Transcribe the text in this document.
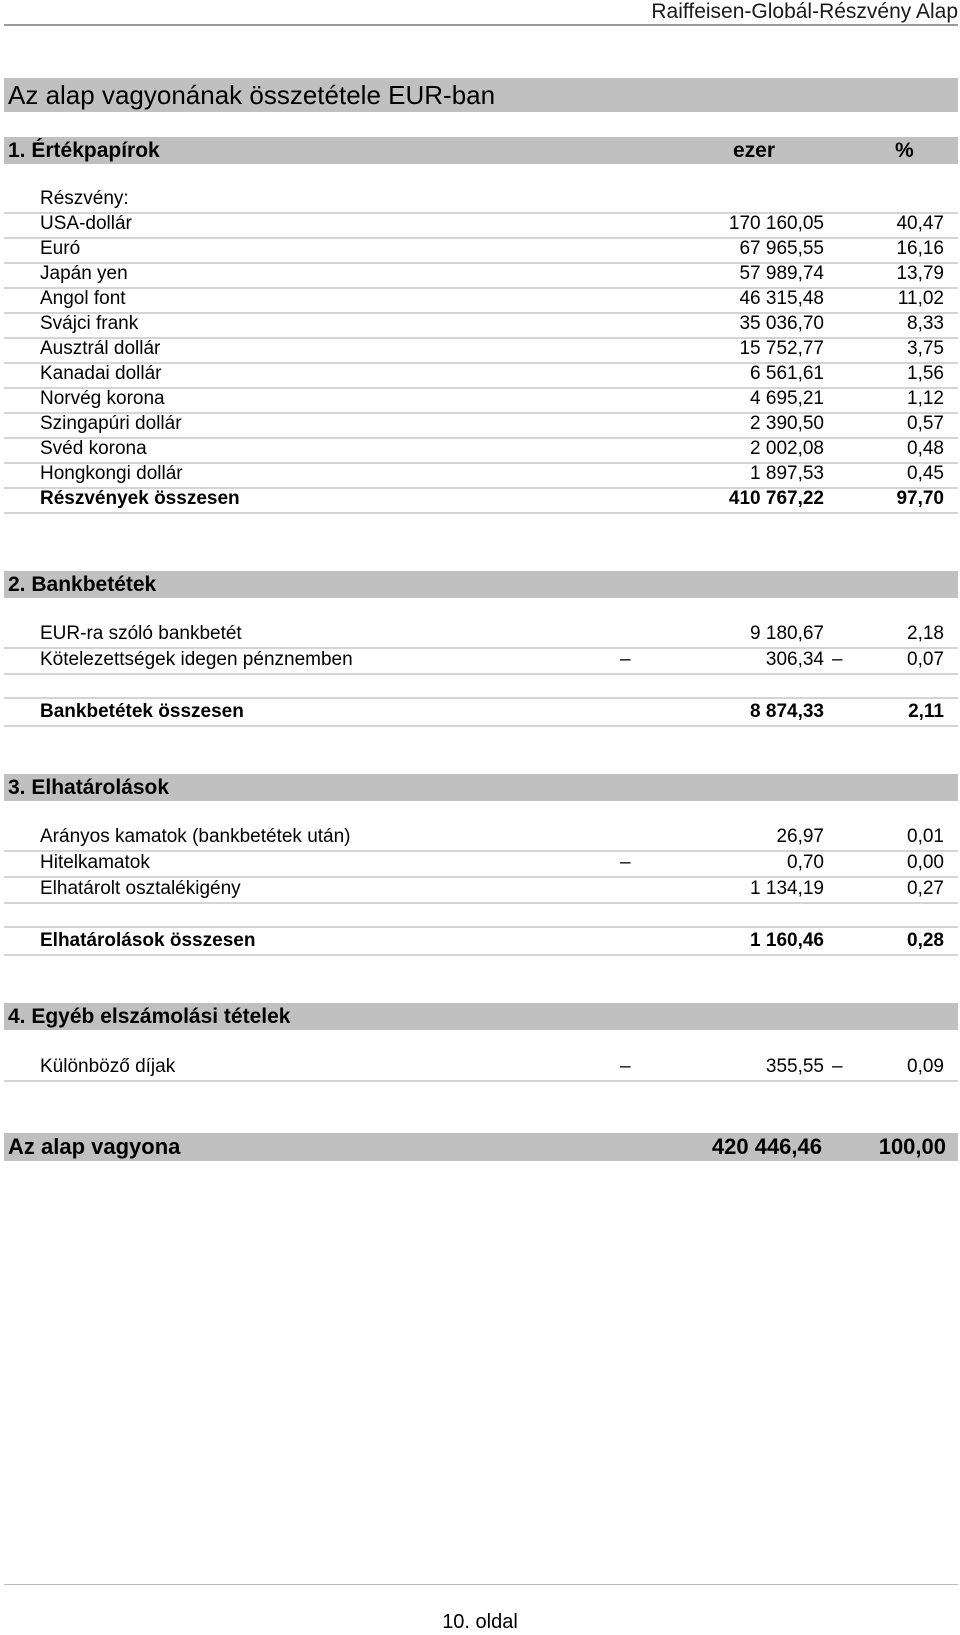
Raiffeisen-Globál-Részvény Alap
Az alap vagyonának összetétele EUR-ban
1. Értékpapírok	ezer	%
Részvény:
USA-dollár	170 160,05	40,47
Euró	67 965,55	16,16
Japán yen	57 989,74	13,79
Angol font	46 315,48	11,02
Svájci frank	35 036,70	8,33
Ausztrál dollár	15 752,77	3,75
Kanadai dollár	6 561,61	1,56
Norvég korona	4 695,21	1,12
Szingapúri dollár	2 390,50	0,57
Svéd korona	2 002,08	0,48
Hongkongi dollár	1 897,53	0,45
Részvények összesen	410 767,22	97,70
2. Bankbetétek
EUR-ra szóló bankbetét	9 180,67	2,18
Kötelezettségek idegen pénznemben	–	306,34 –	0,07
Bankbetétek összesen	8 874,33	2,11
3. Elhatárolások
Arányos kamatok (bankbetétek után)	26,97	0,01
Hitelkamatok	–	0,70	0,00
Elhatárolt osztalékigény	1 134,19	0,27
Elhatárolások összesen	1 160,46	0,28
4. Egyéb elszámolási tételek
Különböző díjak	–	355,55 –	0,09
Az alap vagyona	420 446,46	100,00
10. oldal
